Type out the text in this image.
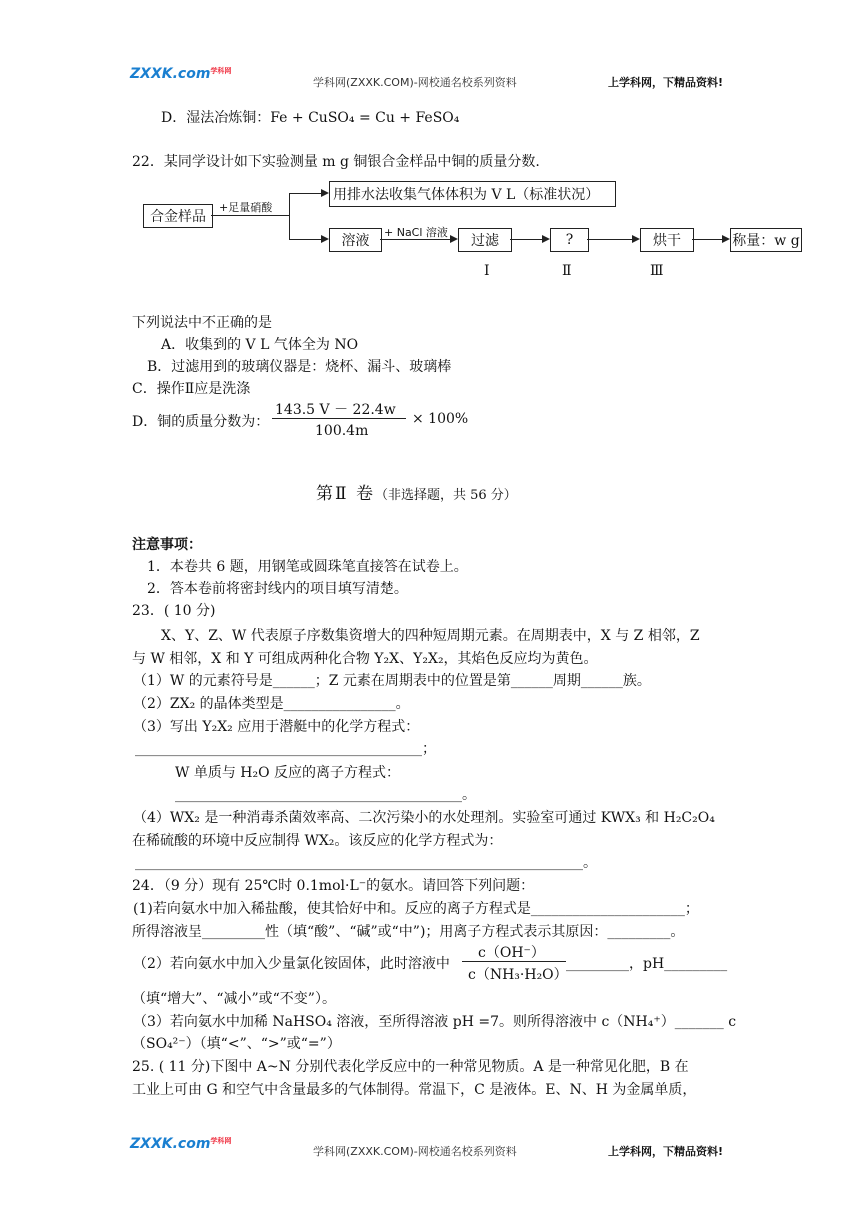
ZXXK.com$^{学科网}$
学科网(ZXXK.COM)-网校通名校系列资料	上学科网，下精品资料!
D．湿法冶炼铜：Fe + CuSO₄ = Cu + FeSO₄
22．某同学设计如下实验测量 m g 铜银合金样品中铜的质量分数.
合金样品
+足量硝酸
用排水法收集气体体积为 V L（标准状况）
溶液
+ NaCl 溶液
过滤	?	烘干	称量：w g
Ⅰ	Ⅱ	Ⅲ
下列说法中不正确的是
A．收集到的 V L 气体全为 NO
B．过滤用到的玻璃仪器是：烧杯、漏斗、玻璃棒
C．操作Ⅱ应是洗涤
D．铜的质量分数为：
143.5 V － 22.4w
100.4m
× 100%
第Ⅱ 卷（非选择题，共 56 分）
注意事项：
1．本卷共 6 题，用钢笔或圆珠笔直接答在试卷上。
2．答本卷前将密封线内的项目填写清楚。
23．( 10 分)
X、Y、Z、W 代表原子序数集资增大的四种短周期元素。在周期表中，X 与 Z 相邻，Z
与 W 相邻，X 和 Y 可组成两种化合物 Y₂X、Y₂X₂，其焰色反应均为黄色。
（1）W 的元素符号是______；Z 元素在周期表中的位置是第______周期______族。
（2）ZX₂ 的晶体类型是________________。
（3）写出 Y₂X₂ 应用于潜艇中的化学方程式：
_________________________________________；
W 单质与 H₂O 反应的离子方程式：
_________________________________________。
（4）WX₂ 是一种消毒杀菌效率高、二次污染小的水处理剂。实验室可通过 KWX₃ 和 H₂C₂O₄
在稀硫酸的环境中反应制得 WX₂。该反应的化学方程式为：
________________________________________________________________。
24．（9 分）现有 25℃时 0.1mol·L⁻的氨水。请回答下列问题：
(1)若向氨水中加入稀盐酸，使其恰好中和。反应的离子方程式是______________________；
所得溶液呈_________性（填“酸”、“碱”或“中”)；用离子方程式表示其原因：_________。
（2）若向氨水中加入少量氯化铵固体，此时溶液中
c（OH⁻）
c（NH₃·H₂O）
_________，pH_________
（填“增大”、“减小”或“不变”）。
（3）若向氨水中加稀 NaHSO₄ 溶液，至所得溶液 pH =7。则所得溶液中 c（NH₄⁺）_______ c
（SO₄²⁻）（填“<”、“>”或“=”）
25. ( 11 分)下图中 A~N 分别代表化学反应中的一种常见物质。A 是一种常见化肥，B 在
工业上可由 G 和空气中含量最多的气体制得。常温下，C 是液体。E、N、H 为金属单质，
ZXXK.com$^{学科网}$
学科网(ZXXK.COM)-网校通名校系列资料	上学科网，下精品资料!
